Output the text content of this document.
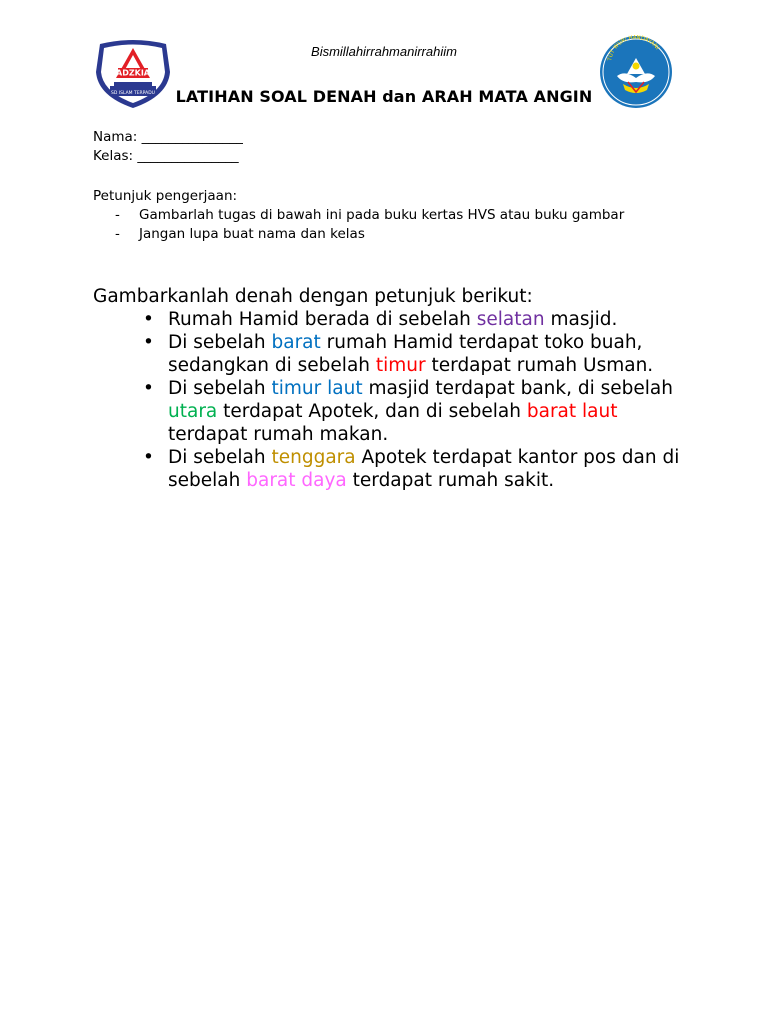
Bismillahirrahmanirrahiim
SD ISLAM TERPADU
ADZKIA
TUT WURI HANDAYANI
LATIHAN SOAL DENAH dan ARAH MATA ANGIN
Nama: _______________
Kelas: _______________
Petunjuk pengerjaan:
- Gambarlah tugas di bawah ini pada buku kertas HVS atau buku gambar
- Jangan lupa buat nama dan kelas

Gambarkanlah denah dengan petunjuk berikut:

• Rumah Hamid berada di sebelah selatan masjid.
• Di sebelah barat rumah Hamid terdapat toko buah, sedangkan di sebelah timur terdapat rumah Usman.
• Di sebelah timur laut masjid terdapat bank, di sebelah utara terdapat Apotek, dan di sebelah barat laut terdapat rumah makan.
• Di sebelah tenggara Apotek terdapat kantor pos dan di sebelah barat daya terdapat rumah sakit.
